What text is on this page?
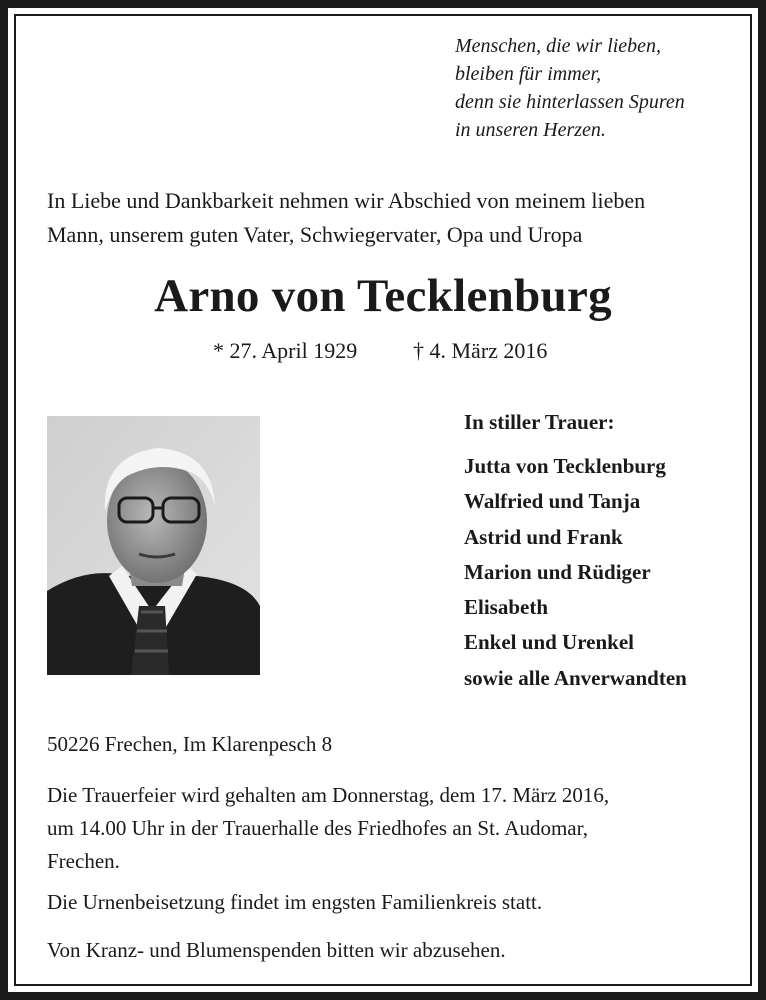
Menschen, die wir lieben,
bleiben für immer,
denn sie hinterlassen Spuren
in unseren Herzen.
In Liebe und Dankbarkeit nehmen wir Abschied von meinem lieben
Mann, unserem guten Vater, Schwiegervater, Opa und Uropa
Arno von Tecklenburg
* 27. April 1929	† 4. März 2016
In stiller Trauer:
Jutta von Tecklenburg
Walfried und Tanja
Astrid und Frank
Marion und Rüdiger
Elisabeth
Enkel und Urenkel
sowie alle Anverwandten
50226 Frechen, Im Klarenpesch 8
Die Trauerfeier wird gehalten am Donnerstag, dem 17. März 2016,
um 14.00 Uhr in der Trauerhalle des Friedhofes an St. Audomar,
Frechen.
Die Urnenbeisetzung findet im engsten Familienkreis statt.
Von Kranz- und Blumenspenden bitten wir abzusehen.
